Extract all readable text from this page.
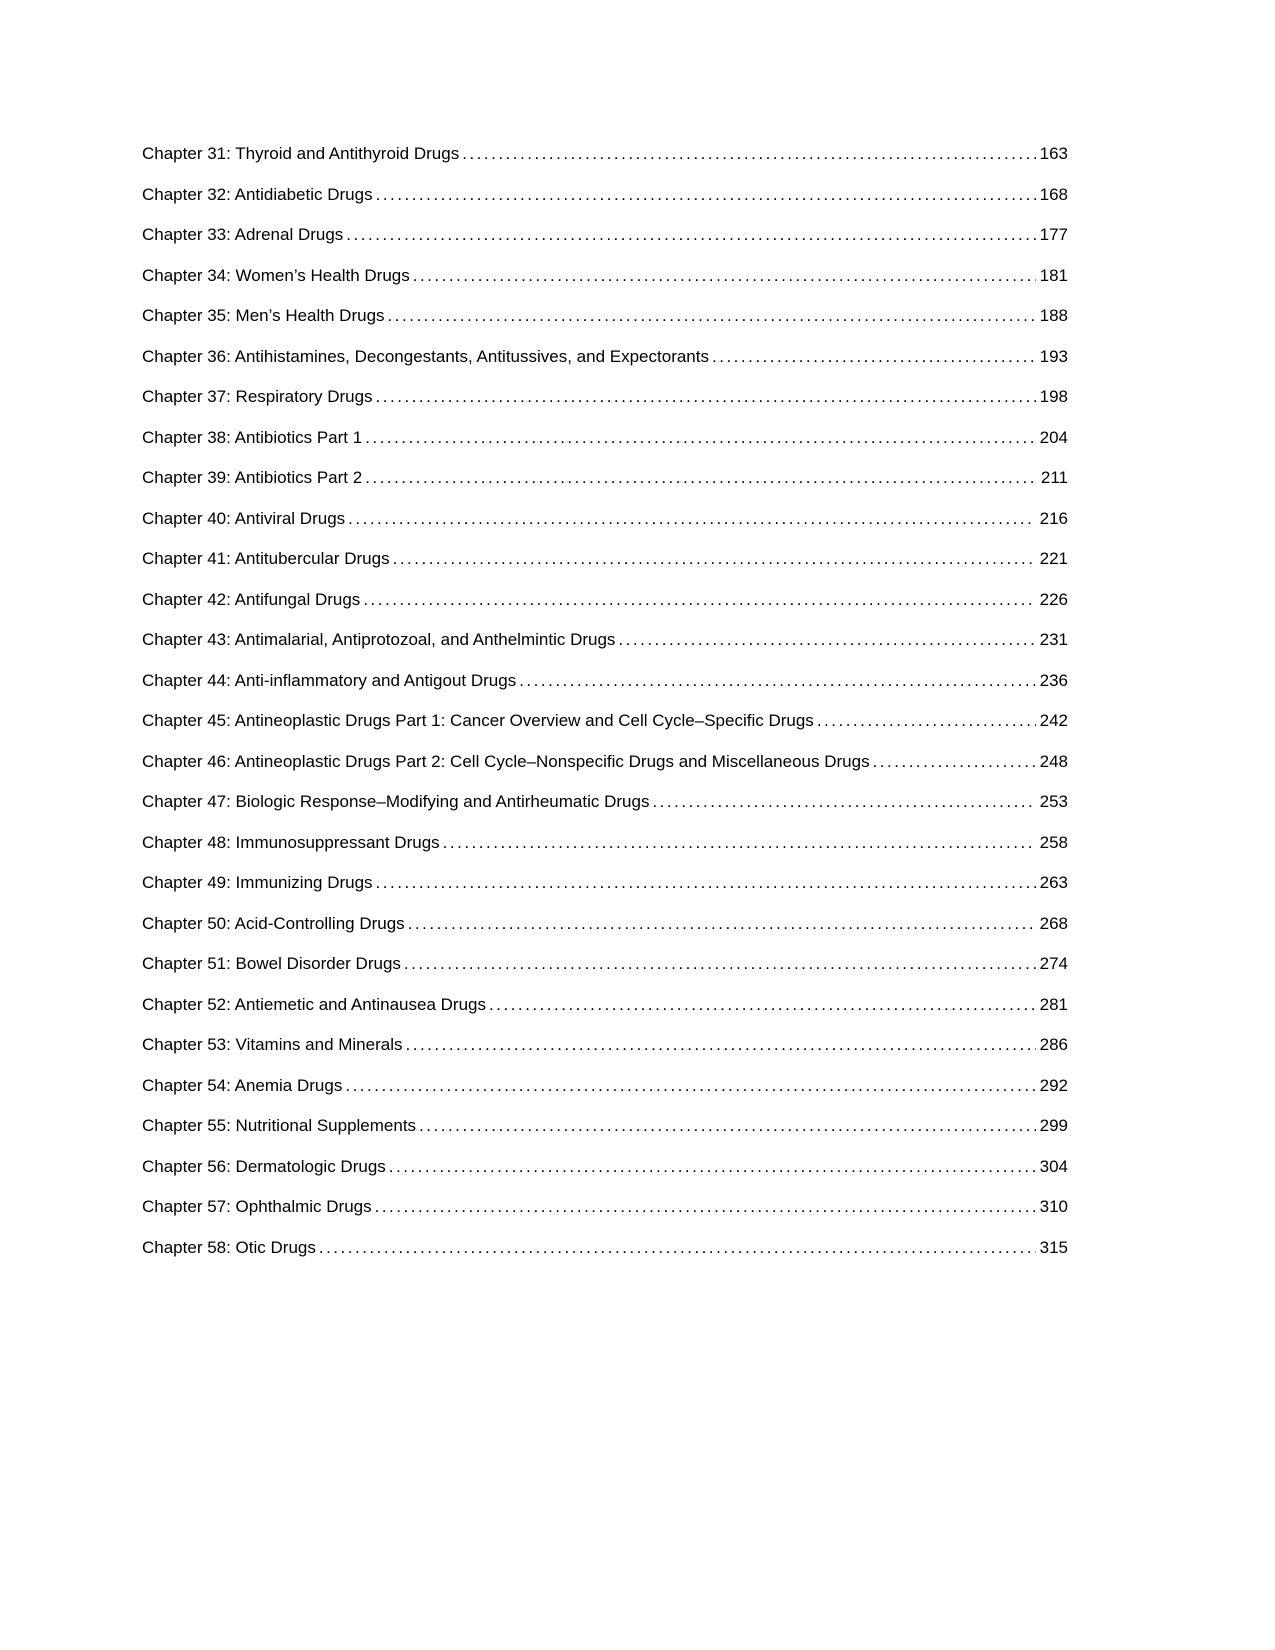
Chapter 31: Thyroid and Antithyroid Drugs .....	163
Chapter 32: Antidiabetic Drugs .....	168
Chapter 33: Adrenal Drugs .....	177
Chapter 34: Women’s Health Drugs .....	181
Chapter 35: Men’s Health Drugs .....	188
Chapter 36: Antihistamines, Decongestants, Antitussives, and Expectorants .....	193
Chapter 37: Respiratory Drugs .....	198
Chapter 38: Antibiotics Part 1 .....	204
Chapter 39: Antibiotics Part 2 .....	211
Chapter 40: Antiviral Drugs .....	216
Chapter 41: Antitubercular Drugs .....	221
Chapter 42: Antifungal Drugs .....	226
Chapter 43: Antimalarial, Antiprotozoal, and Anthelmintic Drugs .....	231
Chapter 44: Anti-inflammatory and Antigout Drugs .....	236
Chapter 45: Antineoplastic Drugs Part 1: Cancer Overview and Cell Cycle–Specific Drugs .....	242
Chapter 46: Antineoplastic Drugs Part 2: Cell Cycle–Nonspecific Drugs and Miscellaneous Drugs .....	248
Chapter 47: Biologic Response–Modifying and Antirheumatic Drugs .....	253
Chapter 48: Immunosuppressant Drugs .....	258
Chapter 49: Immunizing Drugs .....	263
Chapter 50: Acid-Controlling Drugs .....	268
Chapter 51: Bowel Disorder Drugs .....	274
Chapter 52: Antiemetic and Antinausea Drugs .....	281
Chapter 53: Vitamins and Minerals .....	286
Chapter 54: Anemia Drugs .....	292
Chapter 55: Nutritional Supplements .....	299
Chapter 56: Dermatologic Drugs .....	304
Chapter 57: Ophthalmic Drugs .....	310
Chapter 58: Otic Drugs .....	315
